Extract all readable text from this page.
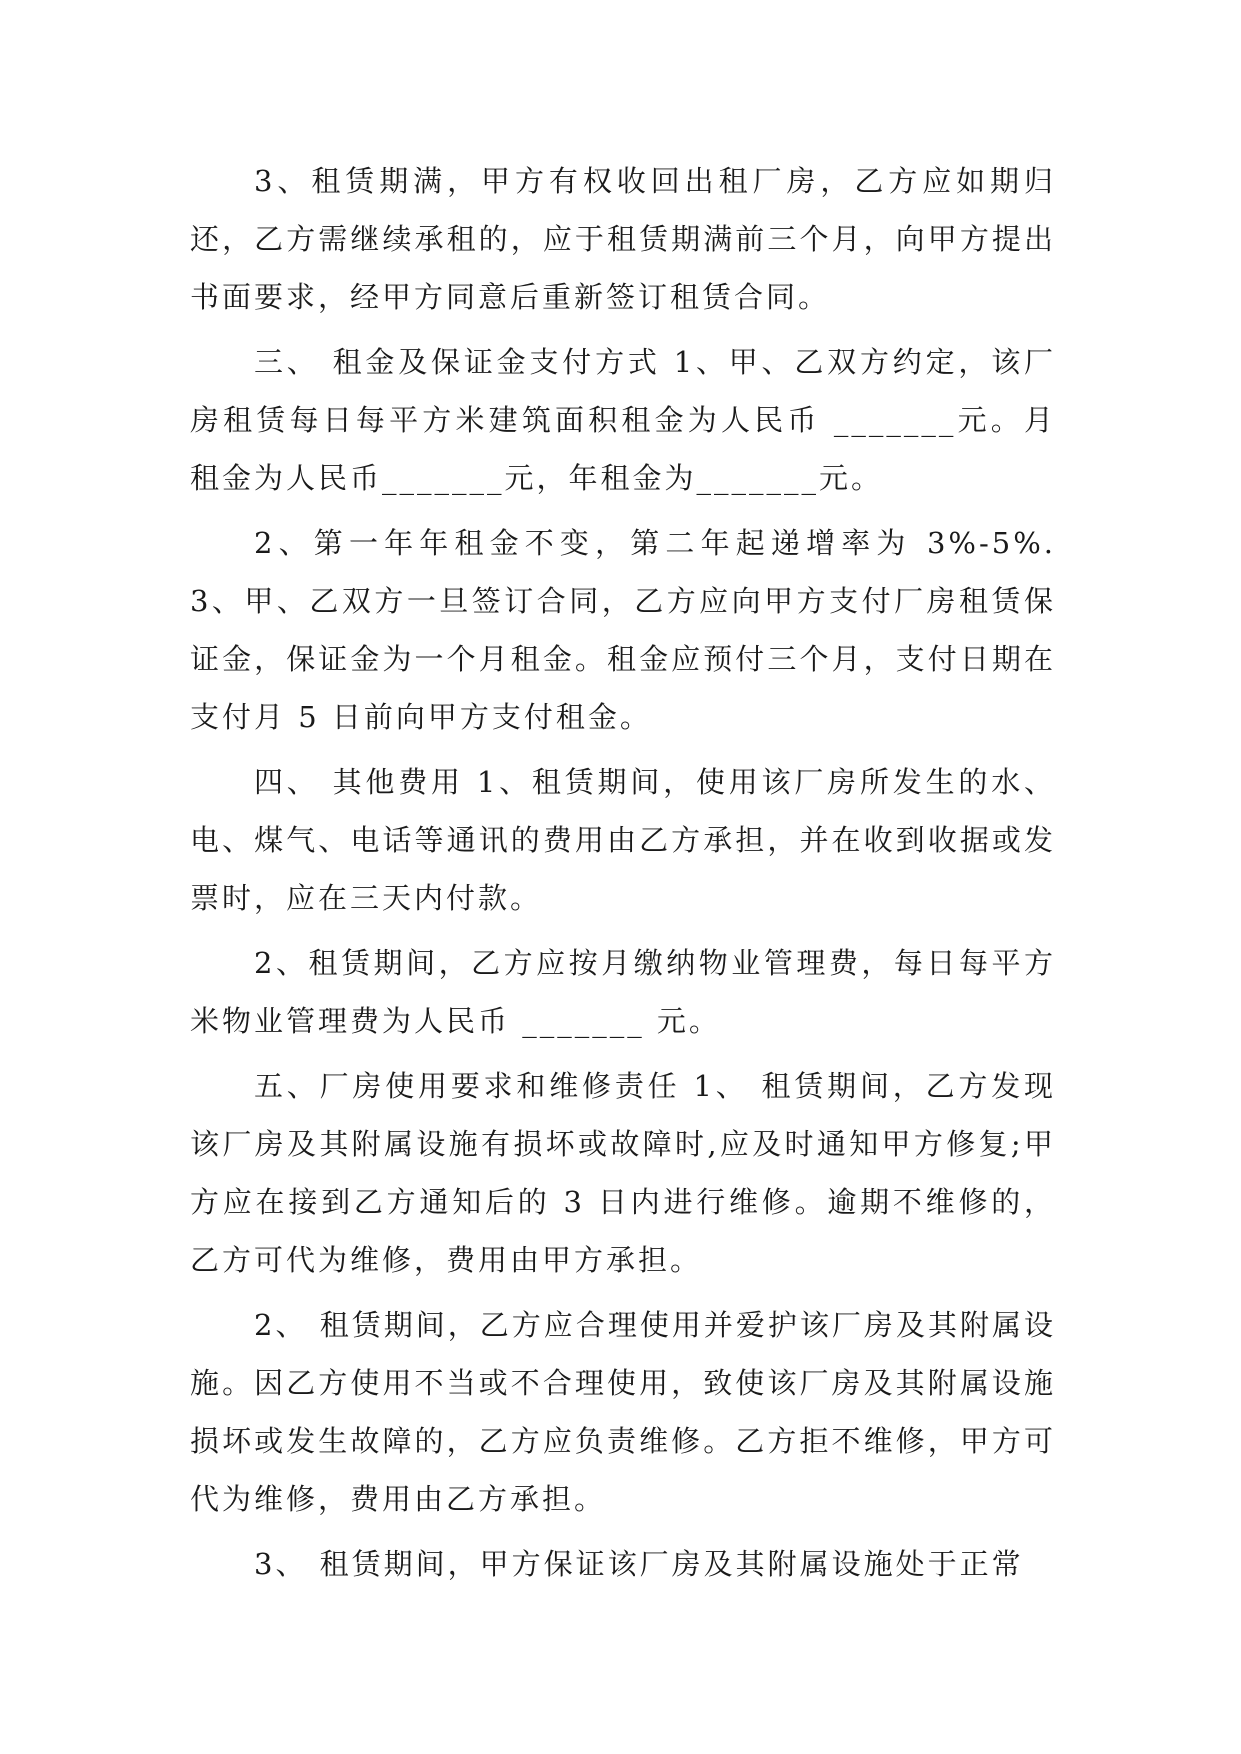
3、租赁期满，甲方有权收回出租厂房，乙方应如期归还，乙方需继续承租的，应于租赁期满前三个月，向甲方提出书面要求，经甲方同意后重新签订租赁合同。

三、 租金及保证金支付方式 1、甲、乙双方约定，该厂房租赁每日每平方米建筑面积租金为人民币 _______元。月租金为人民币_______元，年租金为_______元。

2、第一年年租金不变，第二年起递增率为 3%-5%. 3、甲、乙双方一旦签订合同，乙方应向甲方支付厂房租赁保证金，保证金为一个月租金。租金应预付三个月，支付日期在支付月 5 日前向甲方支付租金。

四、 其他费用 1、租赁期间，使用该厂房所发生的水、电、煤气、电话等通讯的费用由乙方承担，并在收到收据或发票时，应在三天内付款。

2、租赁期间，乙方应按月缴纳物业管理费，每日每平方米物业管理费为人民币 _______ 元。

五、厂房使用要求和维修责任 1、 租赁期间，乙方发现该厂房及其附属设施有损坏或故障时,应及时通知甲方修复;甲方应在接到乙方通知后的 3 日内进行维修。逾期不维修的，乙方可代为维修，费用由甲方承担。

2、 租赁期间，乙方应合理使用并爱护该厂房及其附属设施。因乙方使用不当或不合理使用，致使该厂房及其附属设施损坏或发生故障的，乙方应负责维修。乙方拒不维修，甲方可代为维修，费用由乙方承担。

3、 租赁期间，甲方保证该厂房及其附属设施处于正常
